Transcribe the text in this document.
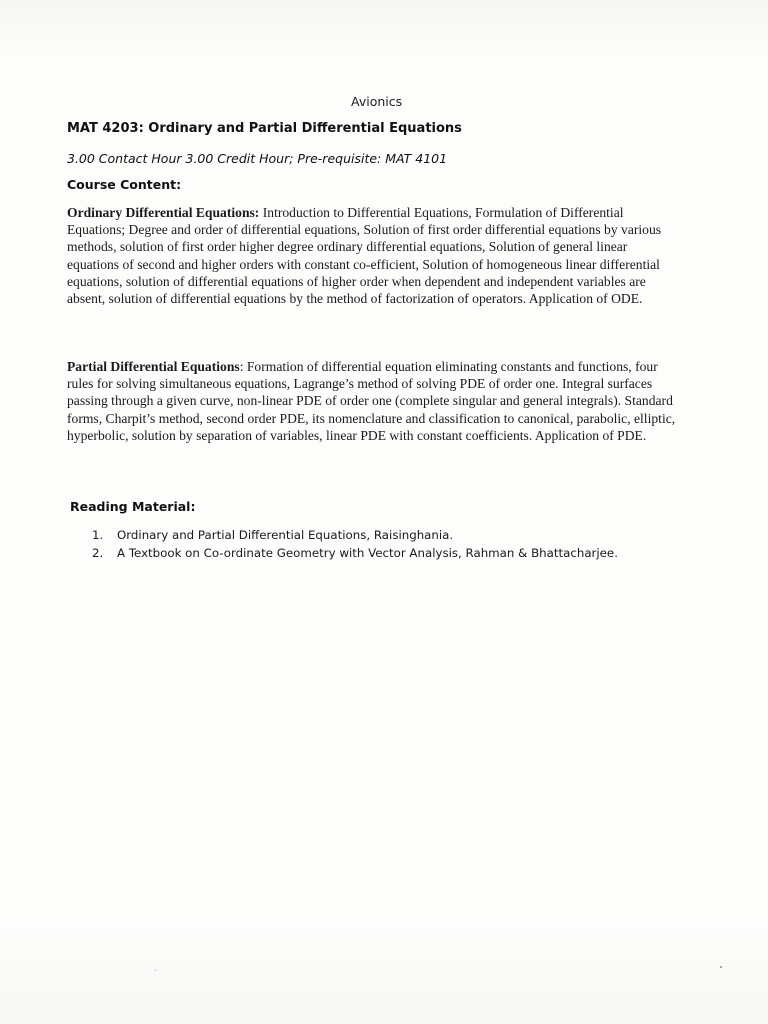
Avionics
MAT 4203: Ordinary and Partial Differential Equations
3.00 Contact Hour 3.00 Credit Hour; Pre-requisite: MAT 4101
Course Content:
Ordinary Differential Equations: Introduction to Differential Equations, Formulation of Differential Equations; Degree and order of differential equations, Solution of first order differential equations by various methods, solution of first order higher degree ordinary differential equations, Solution of general linear equations of second and higher orders with constant co-efficient, Solution of homogeneous linear differential equations, solution of differential equations of higher order when dependent and independent variables are absent, solution of differential equations by the method of factorization of operators. Application of ODE.
Partial Differential Equations: Formation of differential equation eliminating constants and functions, four rules for solving simultaneous equations, Lagrange’s method of solving PDE of order one. Integral surfaces passing through a given curve, non-linear PDE of order one (complete singular and general integrals). Standard forms, Charpit’s method, second order PDE, its nomenclature and classification to canonical, parabolic, elliptic, hyperbolic, solution by separation of variables, linear PDE with constant coefficients. Application of PDE.
Reading Material:
1. Ordinary and Partial Differential Equations, Raisinghania.
2. A Textbook on Co-ordinate Geometry with Vector Analysis, Rahman & Bhattacharjee.
